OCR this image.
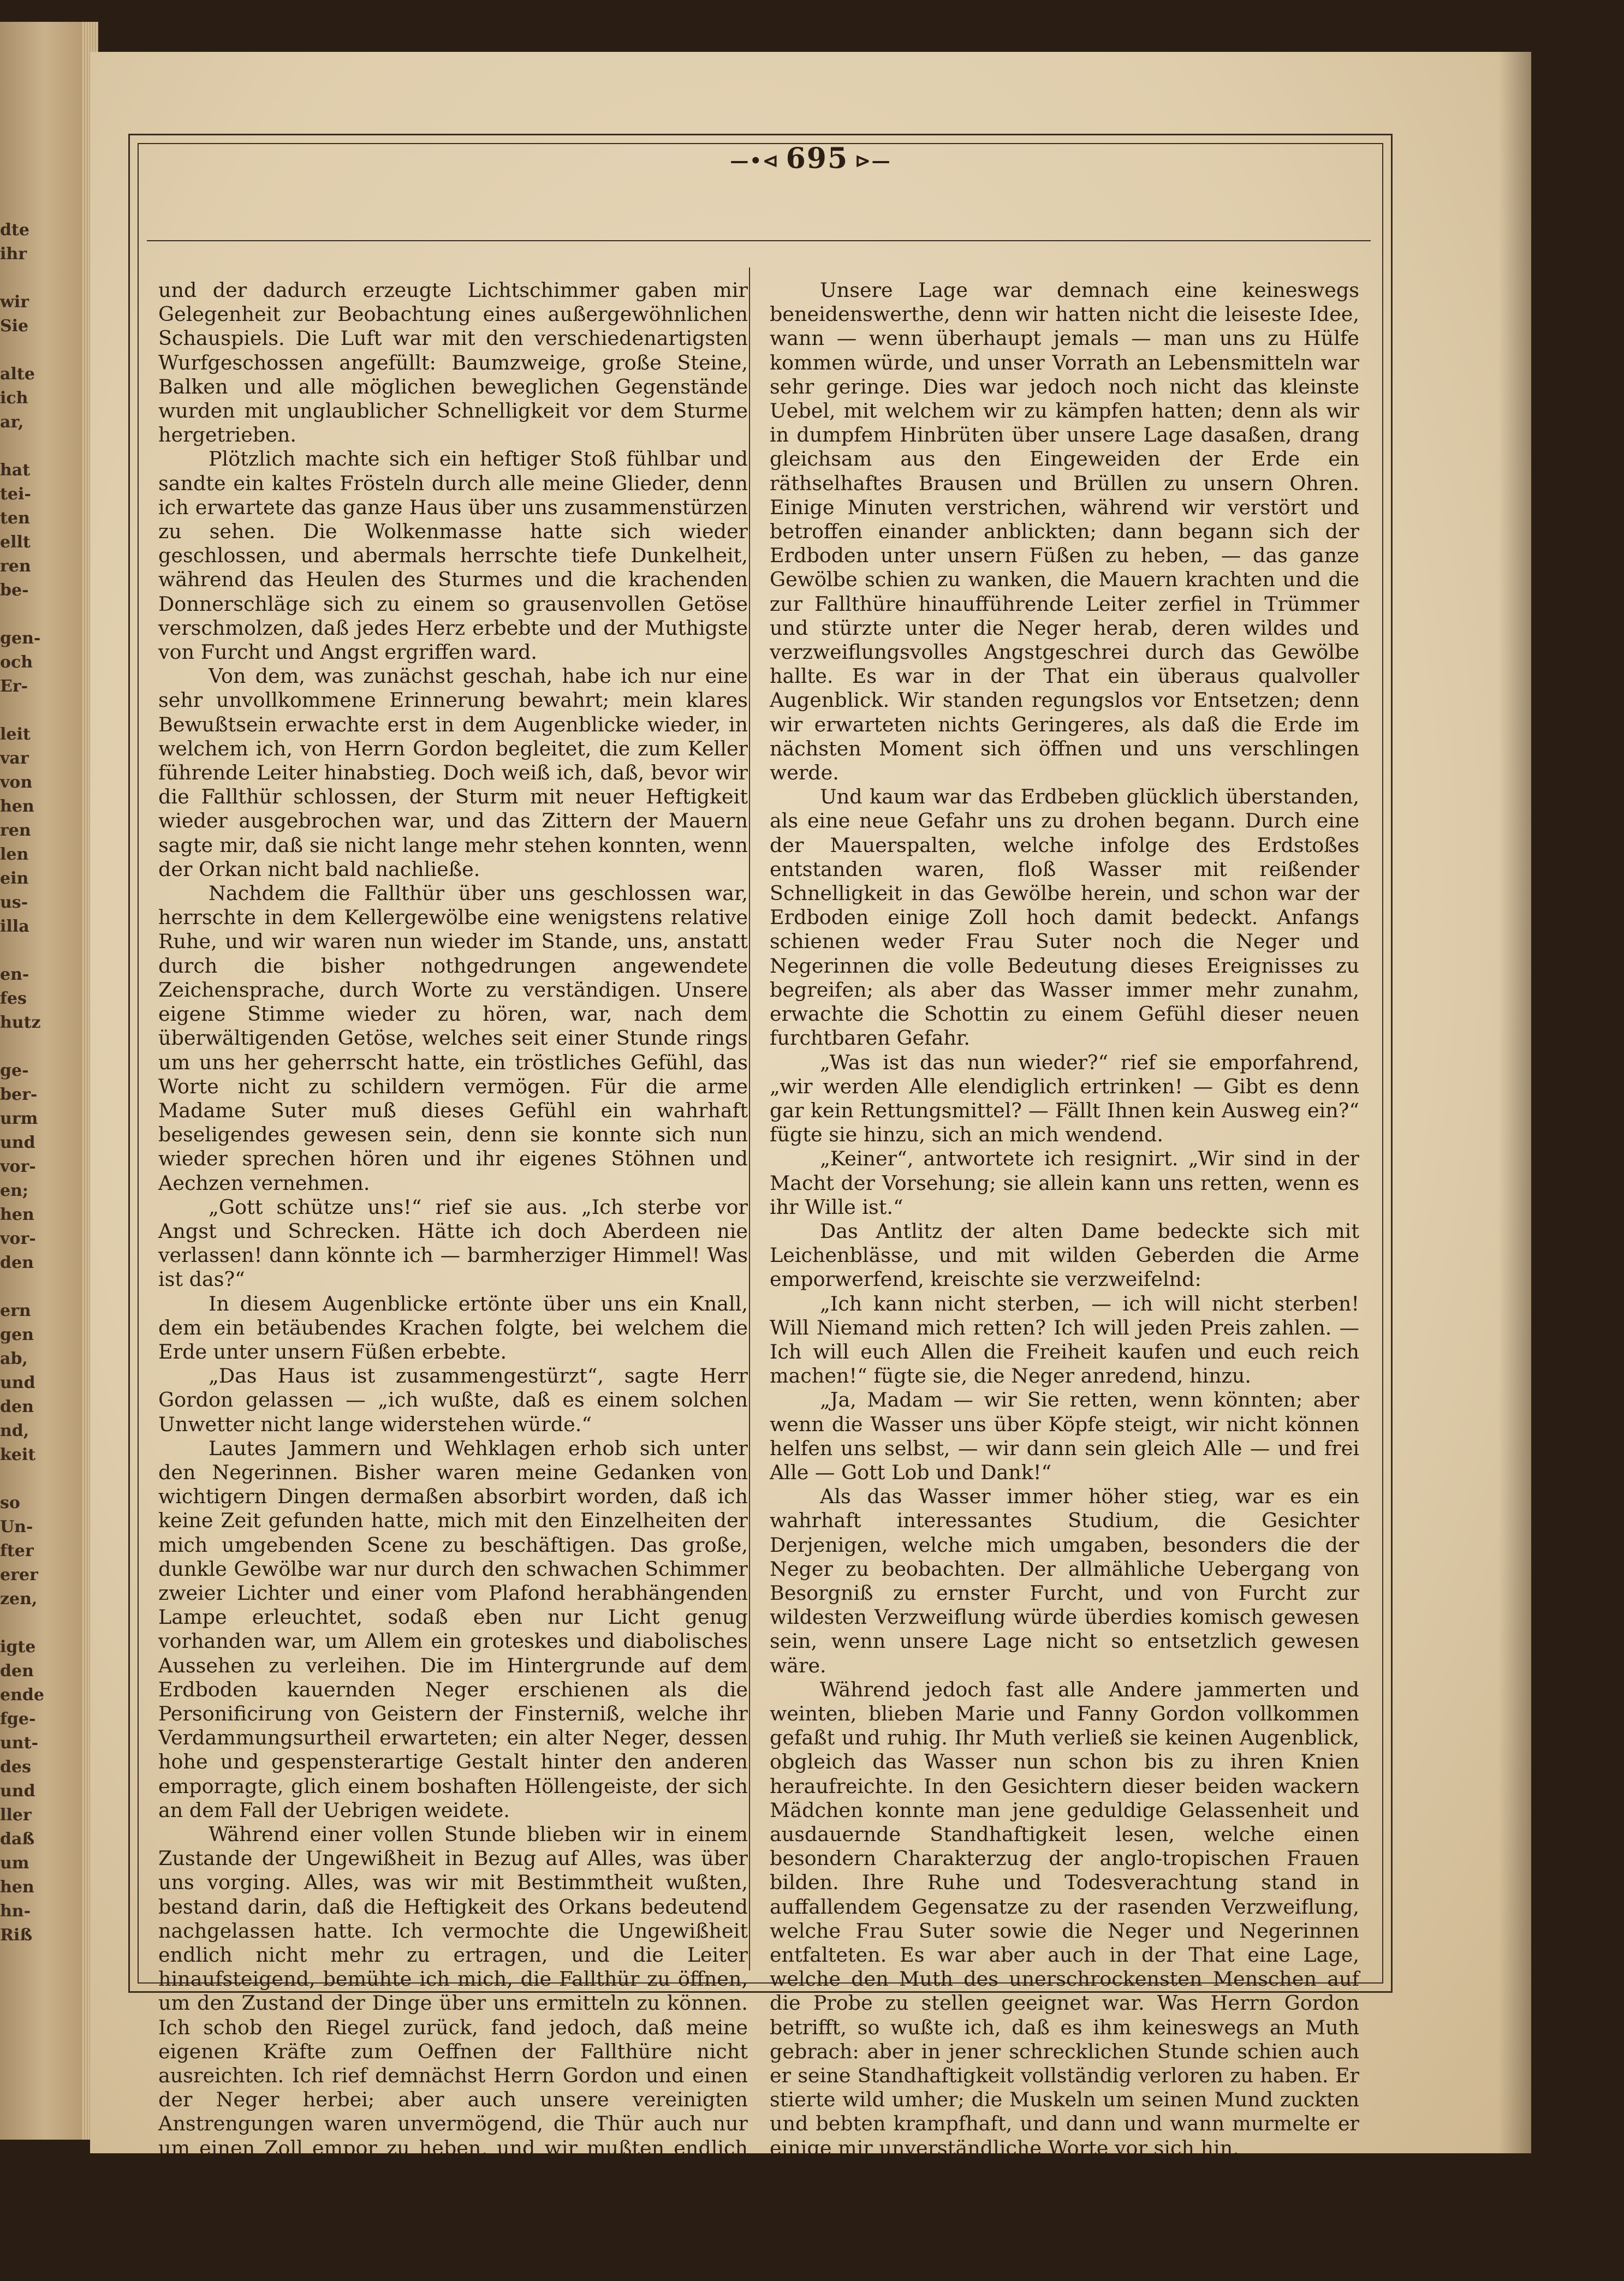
dte
ihr
wir
Sie
alte
ich
ar,
hat
tei-
ten
ellt
ren
be-
gen-
och
Er-
leit
var
von
hen
ren
len
ein
us-
illa
en-
fes
hutz
ge-
ber-
urm
und
vor-
en;
hen
vor-
den
ern
gen
ab,
und
den
nd,
keit
so
Un-
fter
erer
zen,
igte
den
ende
fge-
unt-
des
und
ller
daß
um
hen
hn-
Riß
—•⊲ 695 ⊳—

und der dadurch erzeugte Lichtschimmer gaben mir Gelegenheit zur Beobachtung eines außergewöhnlichen Schauspiels. Die Luft war mit den verschiedenartigsten Wurfgeschossen angefüllt: Baumzweige, große Steine, Balken und alle möglichen beweglichen Gegenstände wurden mit unglaublicher Schnelligkeit vor dem Sturme hergetrieben.

Plötzlich machte sich ein heftiger Stoß fühlbar und sandte ein kaltes Frösteln durch alle meine Glieder, denn ich erwartete das ganze Haus über uns zusammenstürzen zu sehen. Die Wolkenmasse hatte sich wieder geschlossen, und abermals herrschte tiefe Dunkelheit, während das Heulen des Sturmes und die krachenden Donnerschläge sich zu einem so grausenvollen Getöse verschmolzen, daß jedes Herz erbebte und der Muthigste von Furcht und Angst ergriffen ward.

Von dem, was zunächst geschah, habe ich nur eine sehr unvollkommene Erinnerung bewahrt; mein klares Bewußtsein erwachte erst in dem Augenblicke wieder, in welchem ich, von Herrn Gordon begleitet, die zum Keller führende Leiter hinabstieg. Doch weiß ich, daß, bevor wir die Fallthür schlossen, der Sturm mit neuer Heftigkeit wieder ausgebrochen war, und das Zittern der Mauern sagte mir, daß sie nicht lange mehr stehen konnten, wenn der Orkan nicht bald nachließe.

Nachdem die Fallthür über uns geschlossen war, herrschte in dem Kellergewölbe eine wenigstens relative Ruhe, und wir waren nun wieder im Stande, uns, anstatt durch die bisher nothgedrungen angewendete Zeichensprache, durch Worte zu verständigen. Unsere eigene Stimme wieder zu hören, war, nach dem überwältigenden Getöse, welches seit einer Stunde rings um uns her geherrscht hatte, ein tröstliches Gefühl, das Worte nicht zu schildern vermögen. Für die arme Madame Suter muß dieses Gefühl ein wahrhaft beseligendes gewesen sein, denn sie konnte sich nun wieder sprechen hören und ihr eigenes Stöhnen und Aechzen vernehmen.

„Gott schütze uns!“ rief sie aus. „Ich sterbe vor Angst und Schrecken. Hätte ich doch Aberdeen nie verlassen! dann könnte ich — barmherziger Himmel! Was ist das?“

In diesem Augenblicke ertönte über uns ein Knall, dem ein betäubendes Krachen folgte, bei welchem die Erde unter unsern Füßen erbebte.

„Das Haus ist zusammengestürzt“, sagte Herr Gordon gelassen — „ich wußte, daß es einem solchen Unwetter nicht lange widerstehen würde.“

Lautes Jammern und Wehklagen erhob sich unter den Negerinnen. Bisher waren meine Gedanken von wichtigern Dingen dermaßen absorbirt worden, daß ich keine Zeit gefunden hatte, mich mit den Einzelheiten der mich umgebenden Scene zu beschäftigen. Das große, dunkle Gewölbe war nur durch den schwachen Schimmer zweier Lichter und einer vom Plafond herabhängenden Lampe erleuchtet, sodaß eben nur Licht genug vorhanden war, um Allem ein groteskes und diabolisches Aussehen zu verleihen. Die im Hintergrunde auf dem Erdboden kauernden Neger erschienen als die Personificirung von Geistern der Finsterniß, welche ihr Verdammungsurtheil erwarteten; ein alter Neger, dessen hohe und gespensterartige Gestalt hinter den anderen emporragte, glich einem boshaften Höllengeiste, der sich an dem Fall der Uebrigen weidete.

Während einer vollen Stunde blieben wir in einem Zustande der Ungewißheit in Bezug auf Alles, was über uns vorging. Alles, was wir mit Bestimmtheit wußten, bestand darin, daß die Heftigkeit des Orkans bedeutend nachgelassen hatte. Ich vermochte die Ungewißheit endlich nicht mehr zu ertragen, und die Leiter hinaufsteigend, bemühte ich mich, die Fallthür zu öffnen, um den Zustand der Dinge über uns ermitteln zu können. Ich schob den Riegel zurück, fand jedoch, daß meine eigenen Kräfte zum Oeffnen der Fallthüre nicht ausreichten. Ich rief demnächst Herrn Gordon und einen der Neger herbei; aber auch unsere vereinigten Anstrengungen waren unvermögend, die Thür auch nur um einen Zoll empor zu heben, und wir mußten endlich von unserm Versuche abstehen, denn es war offenbar, daß die Trümmer des zusammengestürzten Hauses sich über die Fallthür gelegt hatten und daß wir, bis Beistand von außerhalb uns zutheil würde, hoffnungslos eingekerkert waren.

Unsere Lage war demnach eine keineswegs beneidenswerthe, denn wir hatten nicht die leiseste Idee, wann — wenn überhaupt jemals — man uns zu Hülfe kommen würde, und unser Vorrath an Lebensmitteln war sehr geringe. Dies war jedoch noch nicht das kleinste Uebel, mit welchem wir zu kämpfen hatten; denn als wir in dumpfem Hinbrüten über unsere Lage dasaßen, drang gleichsam aus den Eingeweiden der Erde ein räthselhaftes Brausen und Brüllen zu unsern Ohren. Einige Minuten verstrichen, während wir verstört und betroffen einander anblickten; dann begann sich der Erdboden unter unsern Füßen zu heben, — das ganze Gewölbe schien zu wanken, die Mauern krachten und die zur Fallthüre hinaufführende Leiter zerfiel in Trümmer und stürzte unter die Neger herab, deren wildes und verzweiflungsvolles Angstgeschrei durch das Gewölbe hallte. Es war in der That ein überaus qualvoller Augenblick. Wir standen regungslos vor Entsetzen; denn wir erwarteten nichts Geringeres, als daß die Erde im nächsten Moment sich öffnen und uns verschlingen werde.

Und kaum war das Erdbeben glücklich überstanden, als eine neue Gefahr uns zu drohen begann. Durch eine der Mauerspalten, welche infolge des Erdstoßes entstanden waren, floß Wasser mit reißender Schnelligkeit in das Gewölbe herein, und schon war der Erdboden einige Zoll hoch damit bedeckt. Anfangs schienen weder Frau Suter noch die Neger und Negerinnen die volle Bedeutung dieses Ereignisses zu begreifen; als aber das Wasser immer mehr zunahm, erwachte die Schottin zu einem Gefühl dieser neuen furchtbaren Gefahr.

„Was ist das nun wieder?“ rief sie emporfahrend, „wir werden Alle elendiglich ertrinken! — Gibt es denn gar kein Rettungsmittel? — Fällt Ihnen kein Ausweg ein?“ fügte sie hinzu, sich an mich wendend.

„Keiner“, antwortete ich resignirt. „Wir sind in der Macht der Vorsehung; sie allein kann uns retten, wenn es ihr Wille ist.“

Das Antlitz der alten Dame bedeckte sich mit Leichenblässe, und mit wilden Geberden die Arme emporwerfend, kreischte sie verzweifelnd:

„Ich kann nicht sterben, — ich will nicht sterben! Will Niemand mich retten? Ich will jeden Preis zahlen. — Ich will euch Allen die Freiheit kaufen und euch reich machen!“ fügte sie, die Neger anredend, hinzu.

„Ja, Madam — wir Sie retten, wenn könnten; aber wenn die Wasser uns über Köpfe steigt, wir nicht können helfen uns selbst, — wir dann sein gleich Alle — und frei Alle — Gott Lob und Dank!“

Als das Wasser immer höher stieg, war es ein wahrhaft interessantes Studium, die Gesichter Derjenigen, welche mich umgaben, besonders die der Neger zu beobachten. Der allmähliche Uebergang von Besorgniß zu ernster Furcht, und von Furcht zur wildesten Verzweiflung würde überdies komisch gewesen sein, wenn unsere Lage nicht so entsetzlich gewesen wäre.

Während jedoch fast alle Andere jammerten und weinten, blieben Marie und Fanny Gordon vollkommen gefaßt und ruhig. Ihr Muth verließ sie keinen Augenblick, obgleich das Wasser nun schon bis zu ihren Knien heraufreichte. In den Gesichtern dieser beiden wackern Mädchen konnte man jene geduldige Gelassenheit und ausdauernde Standhaftigkeit lesen, welche einen besondern Charakterzug der anglo-tropischen Frauen bilden. Ihre Ruhe und Todesverachtung stand in auffallendem Gegensatze zu der rasenden Verzweiflung, welche Frau Suter sowie die Neger und Negerinnen entfalteten. Es war aber auch in der That eine Lage, welche den Muth des unerschrockensten Menschen auf die Probe zu stellen geeignet war. Was Herrn Gordon betrifft, so wußte ich, daß es ihm keineswegs an Muth gebrach: aber in jener schrecklichen Stunde schien auch er seine Standhaftigkeit vollständig verloren zu haben. Er stierte wild umher; die Muskeln um seinen Mund zuckten und bebten krampfhaft, und dann und wann murmelte er einige mir unverständliche Worte vor sich hin.

Zoll für Zoll stieg das Wasser, bis es meine Weste er-
